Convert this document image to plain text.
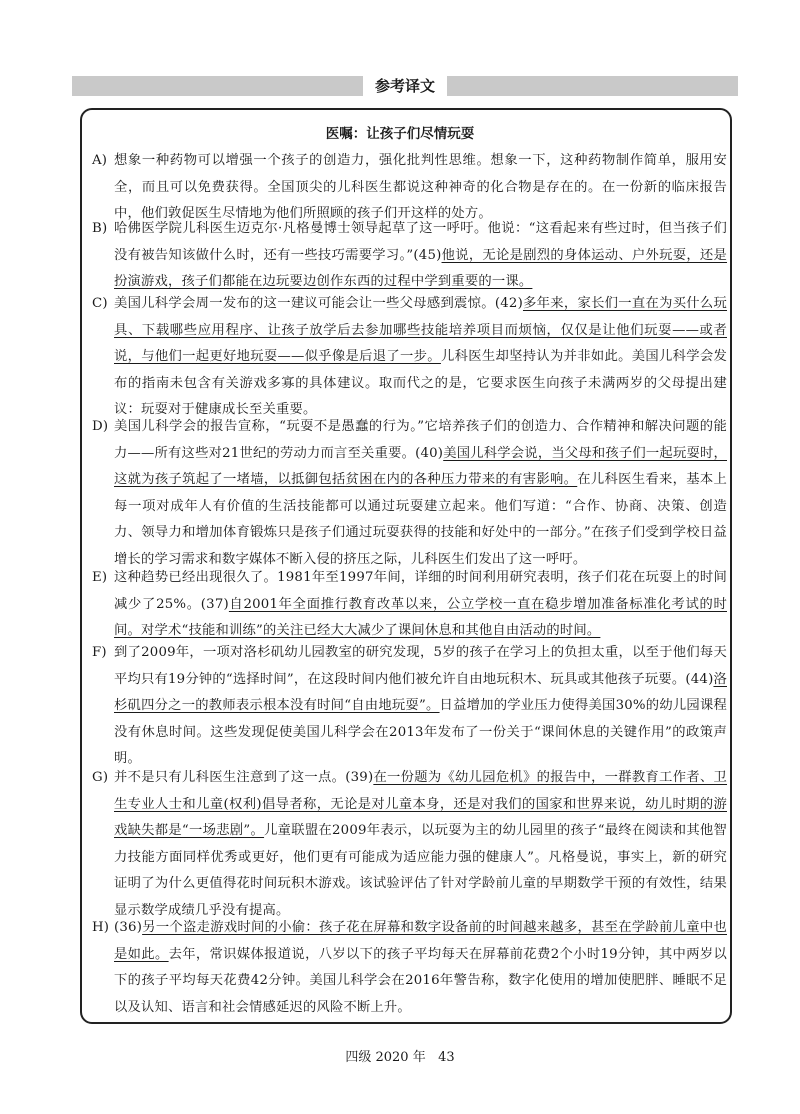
参考译文
医嘱：让孩子们尽情玩耍
A) 想象一种药物可以增强一个孩子的创造力，强化批判性思维。想象一下，这种药物制作简单，服用安全，而且可以免费获得。全国顶尖的儿科医生都说这种神奇的化合物是存在的。在一份新的临床报告中，他们敦促医生尽情地为他们所照顾的孩子们开这样的处方。
B) 哈佛医学院儿科医生迈克尔·凡格曼博士领导起草了这一呼吁。他说：“这看起来有些过时，但当孩子们没有被告知该做什么时，还有一些技巧需要学习。”(45)他说，无论是剧烈的身体运动、户外玩耍，还是扮演游戏，孩子们都能在边玩要边创作东西的过程中学到重要的一课。
C) 美国儿科学会周一发布的这一建议可能会让一些父母感到震惊。(42)多年来，家长们一直在为买什么玩具、下载哪些应用程序、让孩子放学后去参加哪些技能培养项目而烦恼，仅仅是让他们玩耍——或者说，与他们一起更好地玩耍——似乎像是后退了一步。儿科医生却坚持认为并非如此。美国儿科学会发布的指南未包含有关游戏多寡的具体建议。取而代之的是，它要求医生向孩子未满两岁的父母提出建议：玩耍对于健康成长至关重要。
D) 美国儿科学会的报告宣称，“玩耍不是愚蠢的行为。”它培养孩子们的创造力、合作精神和解决问题的能力——所有这些对21世纪的劳动力而言至关重要。(40)美国儿科学会说，当父母和孩子们一起玩耍时，这就为孩子筑起了一堵墙，以抵御包括贫困在内的各种压力带来的有害影响。在儿科医生看来，基本上每一项对成年人有价值的生活技能都可以通过玩耍建立起来。他们写道：“合作、协商、决策、创造力、领导力和增加体育锻炼只是孩子们通过玩耍获得的技能和好处中的一部分。”在孩子们受到学校日益增长的学习需求和数字媒体不断入侵的挤压之际，儿科医生们发出了这一呼吁。
E) 这种趋势已经出现很久了。1981年至1997年间，详细的时间利用研究表明，孩子们花在玩耍上的时间减少了25%。(37)自2001年全面推行教育改革以来，公立学校一直在稳步增加准备标准化考试的时间。对学术“技能和训练”的关注已经大大减少了课间休息和其他自由活动的时间。
F) 到了2009年，一项对洛杉矶幼儿园教室的研究发现，5岁的孩子在学习上的负担太重，以至于他们每天平均只有19分钟的“选择时间”，在这段时间内他们被允许自由地玩积木、玩具或其他孩子玩要。(44)洛杉矶四分之一的教师表示根本没有时间“自由地玩耍”。日益增加的学业压力使得美国30%的幼儿园课程没有休息时间。这些发现促使美国儿科学会在2013年发布了一份关于“课间休息的关键作用”的政策声明。
G) 并不是只有儿科医生注意到了这一点。(39)在一份题为《幼儿园危机》的报告中，一群教育工作者、卫生专业人士和儿童(权利)倡导者称，无论是对儿童本身，还是对我们的国家和世界来说，幼儿时期的游戏缺失都是“一场悲剧”。儿童联盟在2009年表示，以玩耍为主的幼儿园里的孩子“最终在阅读和其他智力技能方面同样优秀或更好，他们更有可能成为适应能力强的健康人”。凡格曼说，事实上，新的研究证明了为什么更值得花时间玩积木游戏。该试验评估了针对学龄前儿童的早期数学干预的有效性，结果显示数学成绩几乎没有提高。
H) (36)另一个盗走游戏时间的小偷：孩子花在屏幕和数字设备前的时间越来越多，甚至在学龄前儿童中也是如此。去年，常识媒体报道说，八岁以下的孩子平均每天在屏幕前花费2个小时19分钟，其中两岁以下的孩子平均每天花费42分钟。美国儿科学会在2016年警告称，数字化使用的增加使肥胖、睡眠不足以及认知、语言和社会情感延迟的风险不断上升。
四级 2020 年 43
